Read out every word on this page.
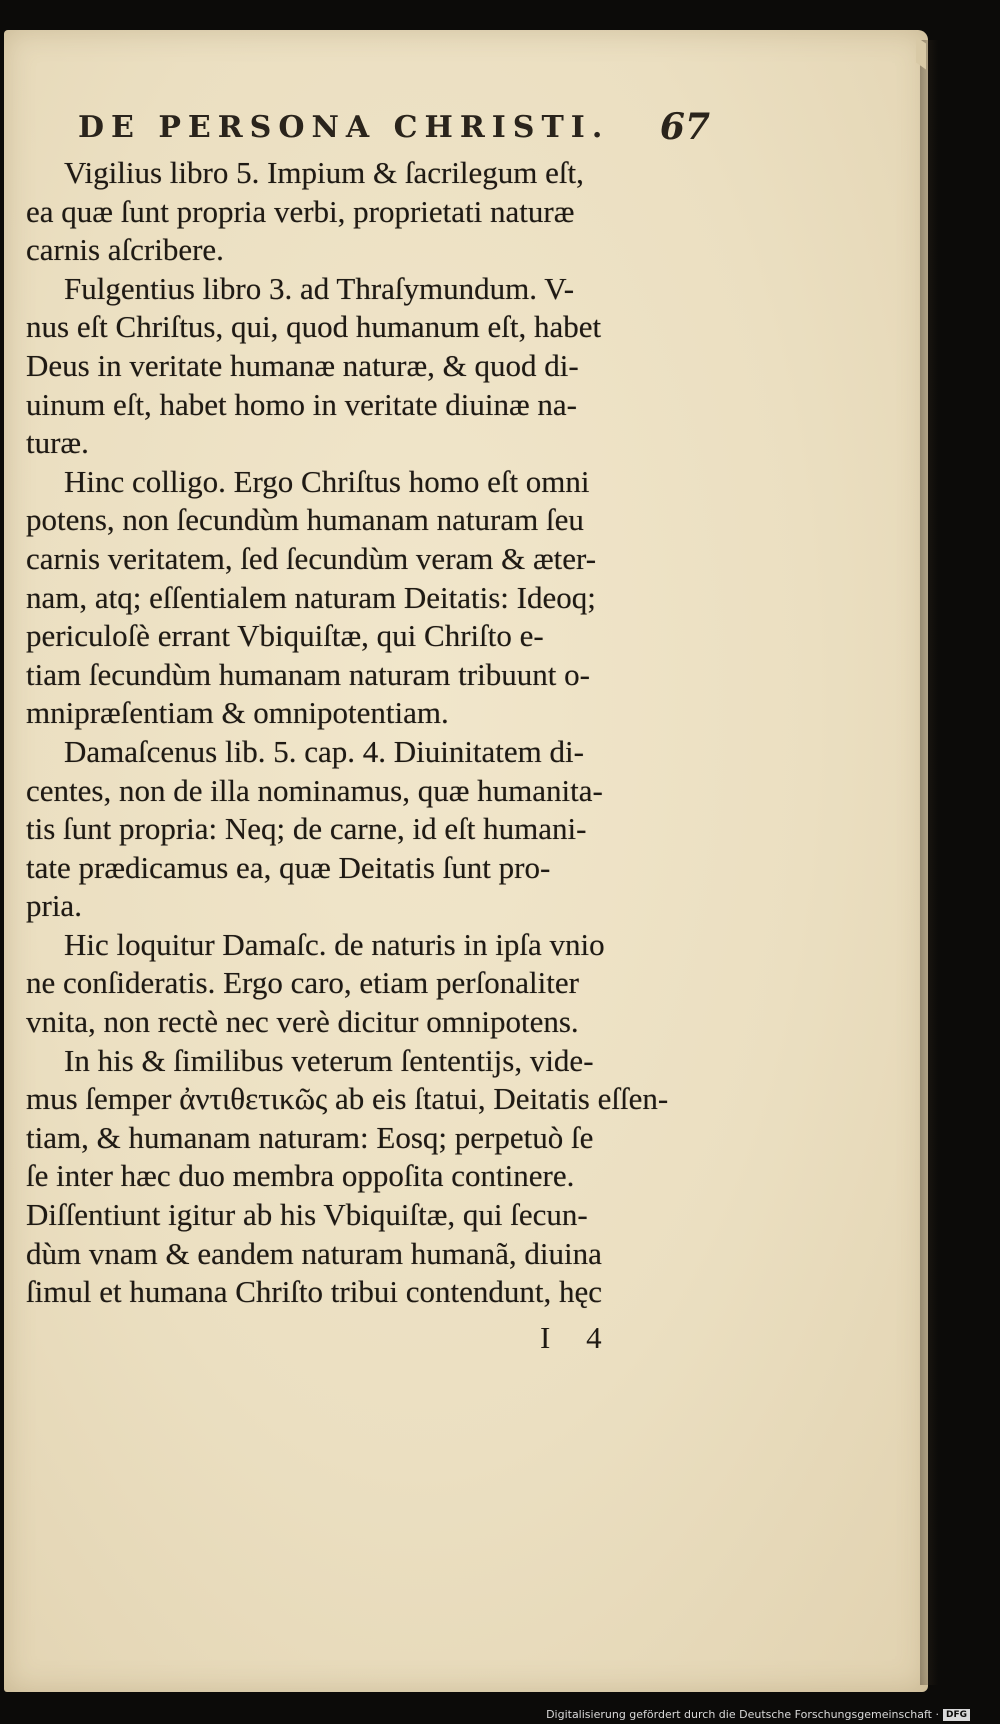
DE PERSONA CHRISTI. 67
Vigilius libro 5. Impium & ſacrilegum eſt,
ea quæ ſunt propria verbi, proprietati naturæ
carnis aſcribere.
Fulgentius libro 3. ad Thraſymundum. V-
nus eſt Chriſtus, qui, quod humanum eſt, habet
Deus in veritate humanæ naturæ, & quod di-
uinum eſt, habet homo in veritate diuinæ na-
turæ.
Hinc colligo. Ergo Chriſtus homo eſt omni
potens, non ſecundùm humanam naturam ſeu
carnis veritatem, ſed ſecundùm veram & æter-
nam, atq; eſſentialem naturam Deitatis: Ideoq;
periculoſè errant Vbiquiſtæ, qui Chriſto e-
tiam ſecundùm humanam naturam tribuunt o-
mnipræſentiam & omnipotentiam.
Damaſcenus lib. 5. cap. 4. Diuinitatem di-
centes, non de illa nominamus, quæ humanita-
tis ſunt propria: Neq; de carne, id eſt humani-
tate prædicamus ea, quæ Deitatis ſunt pro-
pria.
Hic loquitur Damaſc. de naturis in ipſa vnio
ne conſideratis. Ergo caro, etiam perſonaliter
vnita, non rectè nec verè dicitur omnipotens.
In his & ſimilibus veterum ſententijs, vide-
mus ſemper ἀντιθετικῶς ab eis ſtatui, Deitatis eſſen-
tiam, & humanam naturam: Eosq; perpetuò ſe
ſe inter hæc duo membra oppoſita continere.
Diſſentiunt igitur ab his Vbiquiſtæ, qui ſecun-
dùm vnam & eandem naturam humanã, diuina
ſimul et humana Chriſto tribui contendunt, hęc
I 4
Digitalisierung gefördert durch die Deutsche Forschungsgemeinschaft · DFG
